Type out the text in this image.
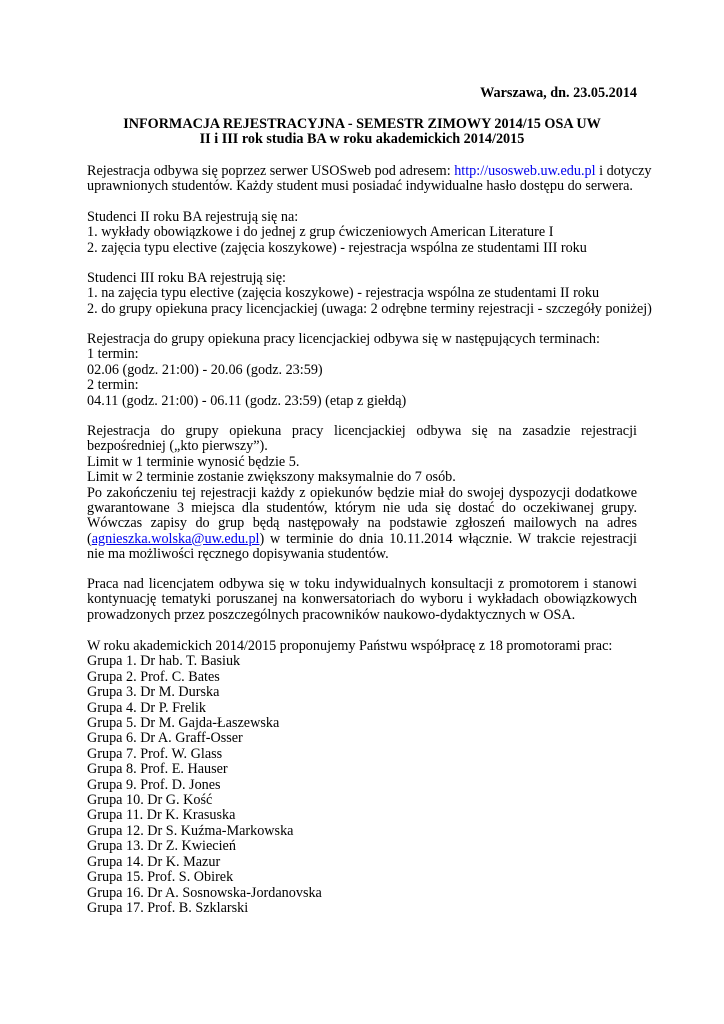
Warszawa, dn. 23.05.2014
INFORMACJA REJESTRACYJNA - SEMESTR ZIMOWY 2014/15 OSA UW
II i III rok studia BA w roku akademickich 2014/2015
Rejestracja odbywa się poprzez serwer USOSweb pod adresem: http://usosweb.uw.edu.pl i dotyczy
uprawnionych studentów. Każdy student musi posiadać indywidualne hasło dostępu do serwera.
Studenci II roku BA rejestrują się na:
1. wykłady obowiązkowe i do jednej z grup ćwiczeniowych American Literature I
2. zajęcia typu elective (zajęcia koszykowe) - rejestracja wspólna ze studentami III roku
Studenci III roku BA rejestrują się:
1. na zajęcia typu elective (zajęcia koszykowe) - rejestracja wspólna ze studentami II roku
2. do grupy opiekuna pracy licencjackiej (uwaga: 2 odrębne terminy rejestracji - szczegóły poniżej)
Rejestracja do grupy opiekuna pracy licencjackiej odbywa się w następujących terminach:
1 termin:
02.06 (godz. 21:00) - 20.06 (godz. 23:59)
2 termin:
04.11 (godz. 21:00) - 06.11 (godz. 23:59) (etap z giełdą)
Rejestracja do grupy opiekuna pracy licencjackiej odbywa się na zasadzie rejestracji bezpośredniej („kto pierwszy”).
Limit w 1 terminie wynosić będzie 5.
Limit w 2 terminie zostanie zwiększony maksymalnie do 7 osób.
Po zakończeniu tej rejestracji każdy z opiekunów będzie miał do swojej dyspozycji dodatkowe gwarantowane 3 miejsca dla studentów, którym nie uda się dostać do oczekiwanej grupy. Wówczas zapisy do grup będą następowały na podstawie zgłoszeń mailowych na adres (agnieszka.wolska@uw.edu.pl) w terminie do dnia 10.11.2014 włącznie. W trakcie rejestracji nie ma możliwości ręcznego dopisywania studentów.
Praca nad licencjatem odbywa się w toku indywidualnych konsultacji z promotorem i stanowi kontynuację tematyki poruszanej na konwersatoriach do wyboru i wykładach obowiązkowych prowadzonych przez poszczególnych pracowników naukowo-dydaktycznych w OSA.
W roku akademickich 2014/2015 proponujemy Państwu współpracę z 18 promotorami prac:
Grupa 1. Dr hab. T. Basiuk
Grupa 2. Prof. C. Bates
Grupa 3. Dr M. Durska
Grupa 4. Dr P. Frelik
Grupa 5. Dr M. Gajda-Łaszewska
Grupa 6. Dr A. Graff-Osser
Grupa 7. Prof. W. Glass
Grupa 8. Prof. E. Hauser
Grupa 9. Prof. D. Jones
Grupa 10. Dr G. Kość
Grupa 11. Dr K. Krasuska
Grupa 12. Dr S. Kuźma-Markowska
Grupa 13. Dr Z. Kwiecień
Grupa 14. Dr K. Mazur
Grupa 15. Prof. S. Obirek
Grupa 16. Dr A. Sosnowska-Jordanovska
Grupa 17. Prof. B. Szklarski
